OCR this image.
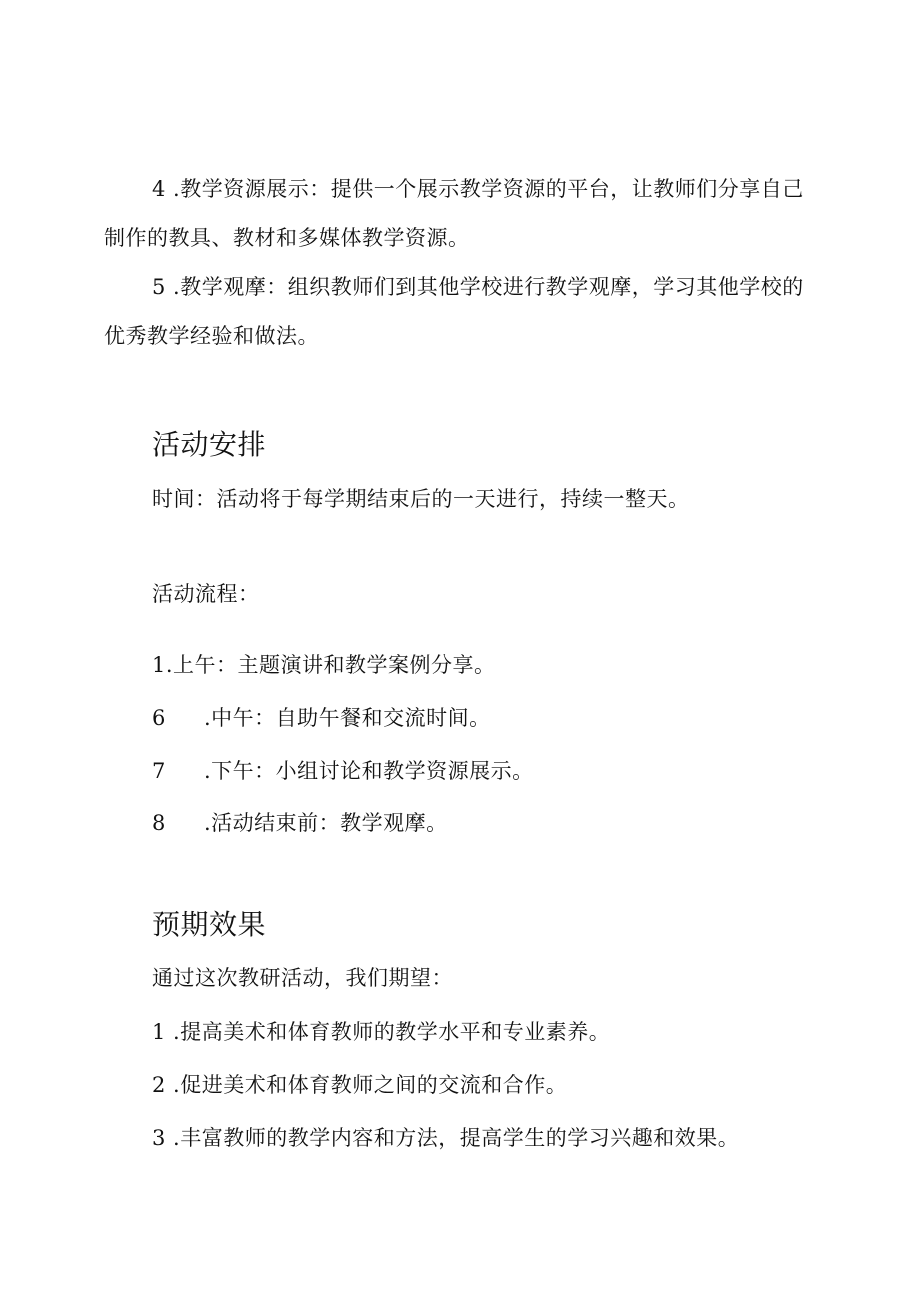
4 .教学资源展示：提供一个展示教学资源的平台，让教师们分享自己
制作的教具、教材和多媒体教学资源。
5 .教学观摩：组织教师们到其他学校进行教学观摩，学习其他学校的
优秀教学经验和做法。
活动安排
时间：活动将于每学期结束后的一天进行，持续一整天。
活动流程：
1.上午：主题演讲和教学案例分享。
6 .中午：自助午餐和交流时间。
7 .下午：小组讨论和教学资源展示。
8 .活动结束前：教学观摩。
预期效果
通过这次教研活动，我们期望：
1 .提高美术和体育教师的教学水平和专业素养。
2 .促进美术和体育教师之间的交流和合作。
3 .丰富教师的教学内容和方法，提高学生的学习兴趣和效果。
